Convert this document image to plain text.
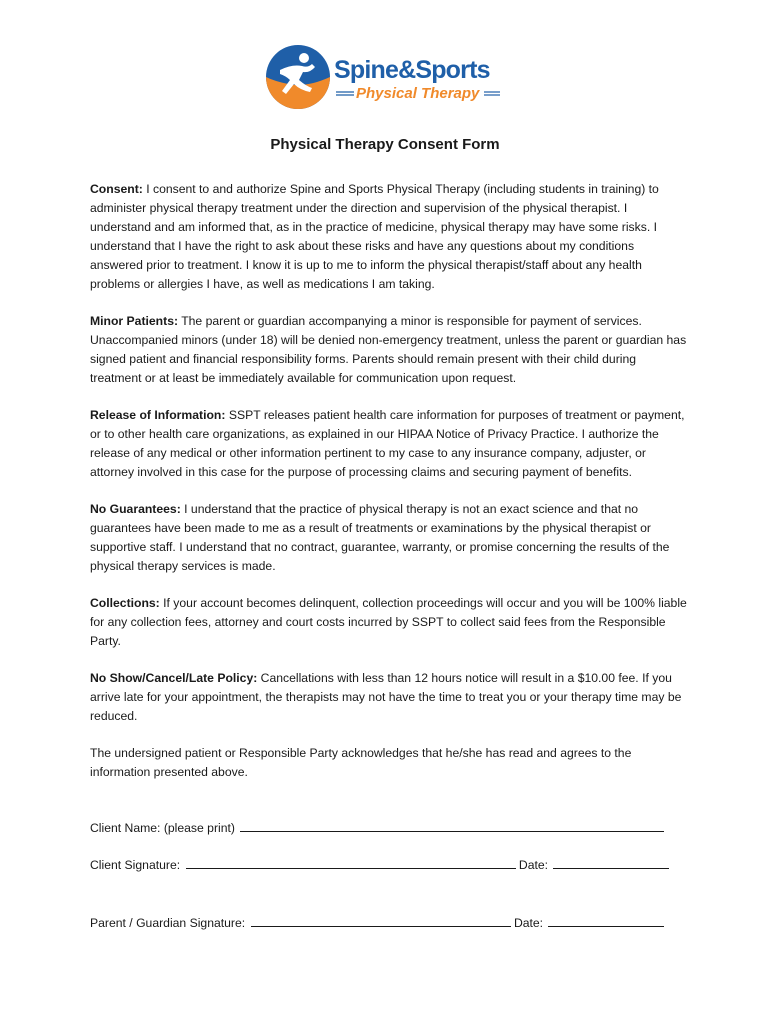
Spine&Sports
Physical Therapy
Physical Therapy Consent Form

Consent: I consent to and authorize Spine and Sports Physical Therapy (including students in training) to administer physical therapy treatment under the direction and supervision of the physical therapist. I understand and am informed that, as in the practice of medicine, physical therapy may have some risks. I understand that I have the right to ask about these risks and have any questions about my conditions answered prior to treatment. I know it is up to me to inform the physical therapist/staff about any health problems or allergies I have, as well as medications I am taking.

Minor Patients: The parent or guardian accompanying a minor is responsible for payment of services. Unaccompanied minors (under 18) will be denied non-emergency treatment, unless the parent or guardian has signed patient and financial responsibility forms. Parents should remain present with their child during treatment or at least be immediately available for communication upon request.

Release of Information: SSPT releases patient health care information for purposes of treatment or payment, or to other health care organizations, as explained in our HIPAA Notice of Privacy Practice. I authorize the release of any medical or other information pertinent to my case to any insurance company, adjuster, or attorney involved in this case for the purpose of processing claims and securing payment of benefits.

No Guarantees: I understand that the practice of physical therapy is not an exact science and that no guarantees have been made to me as a result of treatments or examinations by the physical therapist or supportive staff. I understand that no contract, guarantee, warranty, or promise concerning the results of the physical therapy services is made.

Collections: If your account becomes delinquent, collection proceedings will occur and you will be 100% liable for any collection fees, attorney and court costs incurred by SSPT to collect said fees from the Responsible Party.

No Show/Cancel/Late Policy: Cancellations with less than 12 hours notice will result in a $10.00 fee. If you arrive late for your appointment, the therapists may not have the time to treat you or your therapy time may be reduced.

The undersigned patient or Responsible Party acknowledges that he/she has read and agrees to the information presented above.

Client Name: (please print)
Client Signature:	Date:
Parent / Guardian Signature:	Date:
